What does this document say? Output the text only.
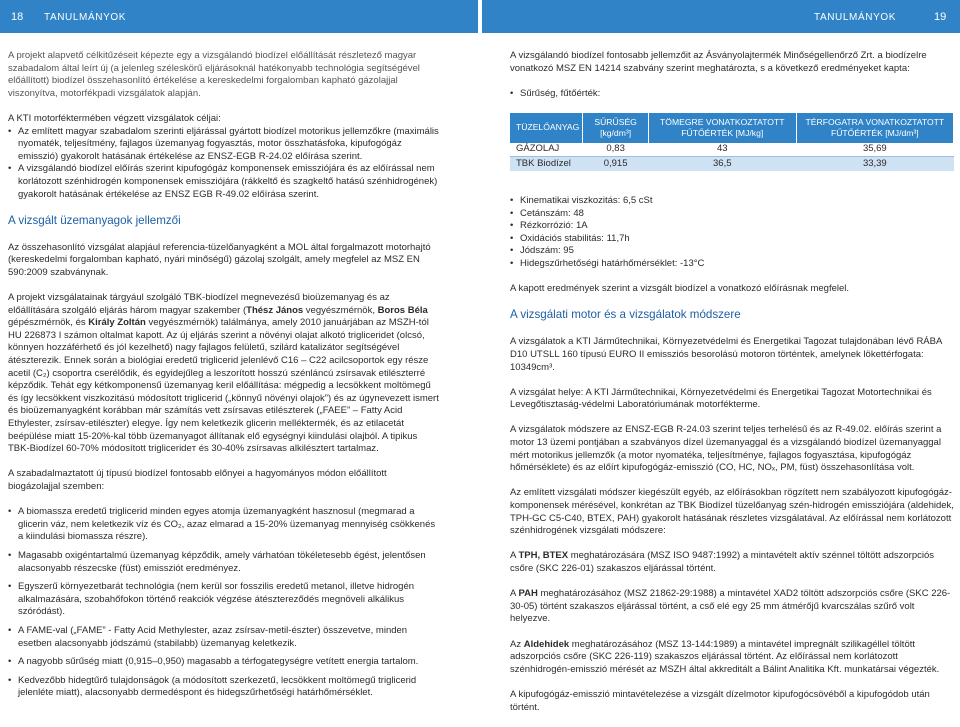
18 TANULMÁNYOK	TANULMÁNYOK	19

A projekt alapvető célkitűzéseit képezte egy a vizsgálandó biodízel előállítását részletező magyar szabadalom által leírt új (a jelenleg széleskörű eljárásoknál hatékonyabb technológia segítségével előállított) biodízel összehasonlító értékelése a kereskedelmi forgalomban kapható gázolajjal viszonyítva, motorfékpadi vizsgálatok alapján.

A KTI motorféktermében végzett vizsgálatok céljai:

• Az említett magyar szabadalom szerinti eljárással gyártott biodízel motorikus jellemzőkre (maximális nyomaték, teljesítmény, fajlagos üzemanyag fogyasztás, motor összhatásfoka, kipufogógáz emisszió) gyakorolt hatásának értékelése az ENSZ-EGB R-24.02 előírása szerint.
• A vizsgálandó biodízel előírás szerint kipufogógáz komponensek emissziójára és az előírással nem korlátozott szénhidrogén komponensek emissziójára (rákkeltő és szagkeltő hatású szénhidrogének) gyakorolt hatásának értékelése az ENSZ EGB R-49.02 előírása szerint.
A vizsgált üzemanyagok jellemzői

Az összehasonlító vizsgálat alapjául referencia-tüzelőanyagként a MOL által forgalmazott motorhajtó (kereskedelmi forgalomban kapható, nyári minőségű) gázolaj szolgált, amely megfelel az MSZ EN 590:2009 szabványnak.

A projekt vizsgálatainak tárgyául szolgáló TBK-biodízel megnevezésű bioüzemanyag és az előállítására szolgáló eljárás három magyar szakember (Thész János vegyészmérnök, Boros Béla gépészmérnök, és Király Zoltán vegyészmérnök) találmánya, amely 2010 januárjában az MSZH-tól HU 226873 I számon oltalmat kapott. Az új eljárás szerint a növényi olajat alkotó trigliceridet (olcsó, könnyen hozzáférhető és jól kezelhető) nagy fajlagos felületű, szilárd katalizátor segítségével átészterezik. Ennek során a biológiai eredetű triglicerid jelenlévő C16 – C22 acilcsoportok egy része acetil (C₂) csoportra cserélődik, és egyidejűleg a leszorított hosszú szénláncú zsírsavak etilészterré képződik. Tehát egy kétkomponensű üzemanyag keril előállítása: mégpedig a lecsökkent moltömegű és így lecsökkent viszkozitású módosított triglicerid („könnyű növényi olajok”) és az úgynevezett ismert és bioüzemanyagként korábban már számítás vett zsírsavas etilészterek („FAEE” – Fatty Acid Ethylester, zsírsav-etilészter) elegye. Így nem keletkezik glicerin melléktermék, és az etilacetát beépülése miatt 15-20%-kal több üzemanyagot állítanak elő egységnyi kiindulási olajból. A tipikus TBK-Biodízel 60-70% módosított triglicerideт és 30-40% zsírsavas alkilésztert tartalmaz.

A szabadalmaztatott új típusú biodízel fontosabb előnyei a hagyományos módon előállított biogázolajjal szemben:

• A biomassza eredetű triglicerid minden egyes atomja üzemanyagként hasznosul (megmarad a glicerin váz, nem keletkezik víz és CO₂, azaz elmarad a 15-20% üzemanyag mennyiség csökkenés a kiindulási biomassza részre).
• Magasabb oxigéntartalmú üzemanyag képződik, amely várhatóan tökéletesebb égést, jelentősen alacsonyabb részecske (füst) emissziót eredményez.
• Egyszerű környezetbarát technológia (nem kerül sor fosszilis eredetű metanol, illetve hidrogén alkalmazására, szobahőfokon történő reakciók végzése átésztereződés megnöveli alkálikus szóródást).
• A FAME-val („FAME” - Fatty Acid Methylester, azaz zsírsav-metil-észter) összevetve, minden esetben alacsonyabb jódszámú (stabilabb) üzemanyag keletkezik.
• A nagyobb sűrűség miatt (0,915–0,950) magasabb a térfogategységre vetített energia tartalom.
• Kedvezőbb hidegtűrő tulajdonságok (a módosított szerkezetű, lecsökkent moltömegű triglicerid jelenléte miatt), alacsonyabb dermedéspont és hidegszűrhetőségi határhőmérséklet.

A vizsgálandó biodízel fontosabb jellemzőit az Ásványolajtermék Minőségellenőrző Zrt. a biodízelre vonatkozó MSZ EN 14214 szabvány szerint meghatározta, s a következő eredményeket kapta:

• Sűrűség, fűtőérték:
TÜZELŐANYAG	SŰRŰSÉG [kg/dm³]	TÖMEGRE VONATKOZTATOTT FŰTŐÉRTÉK [MJ/kg]	TÉRFOGATRA VONATKOZTATOTT FŰTŐÉRTÉK [MJ/dm³]
GÁZOLAJ	0,83	43	35,69
TBK Biodízel	0,915	36,5	33,39
• Kinematikai viszkozitás: 6,5 cSt
• Cetánszám: 48
• Rézkorrózió: 1A
• Oxidációs stabilitás: 11,7h
• Jódszám: 95
• Hidegszűrhetőségi határhőmérséklet: -13°C

A kapott eredmények szerint a vizsgált biodízel a vonatkozó előírásnak megfelel.

A vizsgálati motor és a vizsgálatok módszere

A vizsgálatok a KTI Járműtechnikai, Környezetvédelmi és Energetikai Tagozat tulajdonában lévő RÁBA D10 UTSLL 160 típusú EURO II emissziós besorolású motoron történtek, amelynek lökettérfogata: 10349cm³.

A vizsgálat helye: A KTI Járműtechnikai, Környezetvédelmi és Energetikai Tagozat Motortechnikai és Levegőtisztaság-védelmi Laboratóriumának motorfékterme.

A vizsgálatok módszere az ENSZ-EGB R-24.03 szerint teljes terhelésű és az R-49.02. előírás szerint a motor 13 üzemi pontjában a szabványos dízel üzemanyaggal és a vizsgálandó biodízel üzemanyaggal mért motorikus jellemzők (a motor nyomatéka, teljesítménye, fajlagos fogyasztása, kipufogógáz hőmérséklete) és az előírt kipufogógáz-emisszió (CO, HC, NOₓ, PM, füst) összehasonlítása volt.

Az említett vizsgálati módszer kiegészült egyéb, az előírásokban rögzített nem szabályozott kipufogógáz-komponensek mérésével, konkrétan az TBK Biodízel tüzelőanyag szén-hidrogén emissziójára (aldehidek, TPH-GC C5-C40, BTEX, PAH) gyakorolt hatásának részletes vizsgálatával. Az előírással nem korlátozott szénhidrogének vizsgálati módszere:

A TPH, BTEX meghatározására (MSZ ISO 9487:1992) a mintavételt aktív szénnel töltött adszorpciós csőre (SKC 226-01) szakaszos eljárással történt.

A PAH meghatározásához (MSZ 21862-29:1988) a mintavétel XAD2 töltött adszorpciós csőre (SKC 226-30-05) történt szakaszos eljárással történt, a cső elé egy 25 mm átmérőjű kvarcszálas szűrő volt helyezve.

Az Aldehidek meghatározásához (MSZ 13-144:1989) a mintavétel impregnált szilikagéllel töltött adszorpciós csőre (SKC 226-119) szakaszos eljárással történt. Az előírással nem korlátozott szénhidrogén-emisszió mérését az MSZH által akkreditált a Bálint Analitika Kft. munkatársai végezték.

A kipufogógáz-emisszió mintavételezése a vizsgált dízelmotor kipufogócsövéből a kipufogódob után történt.
